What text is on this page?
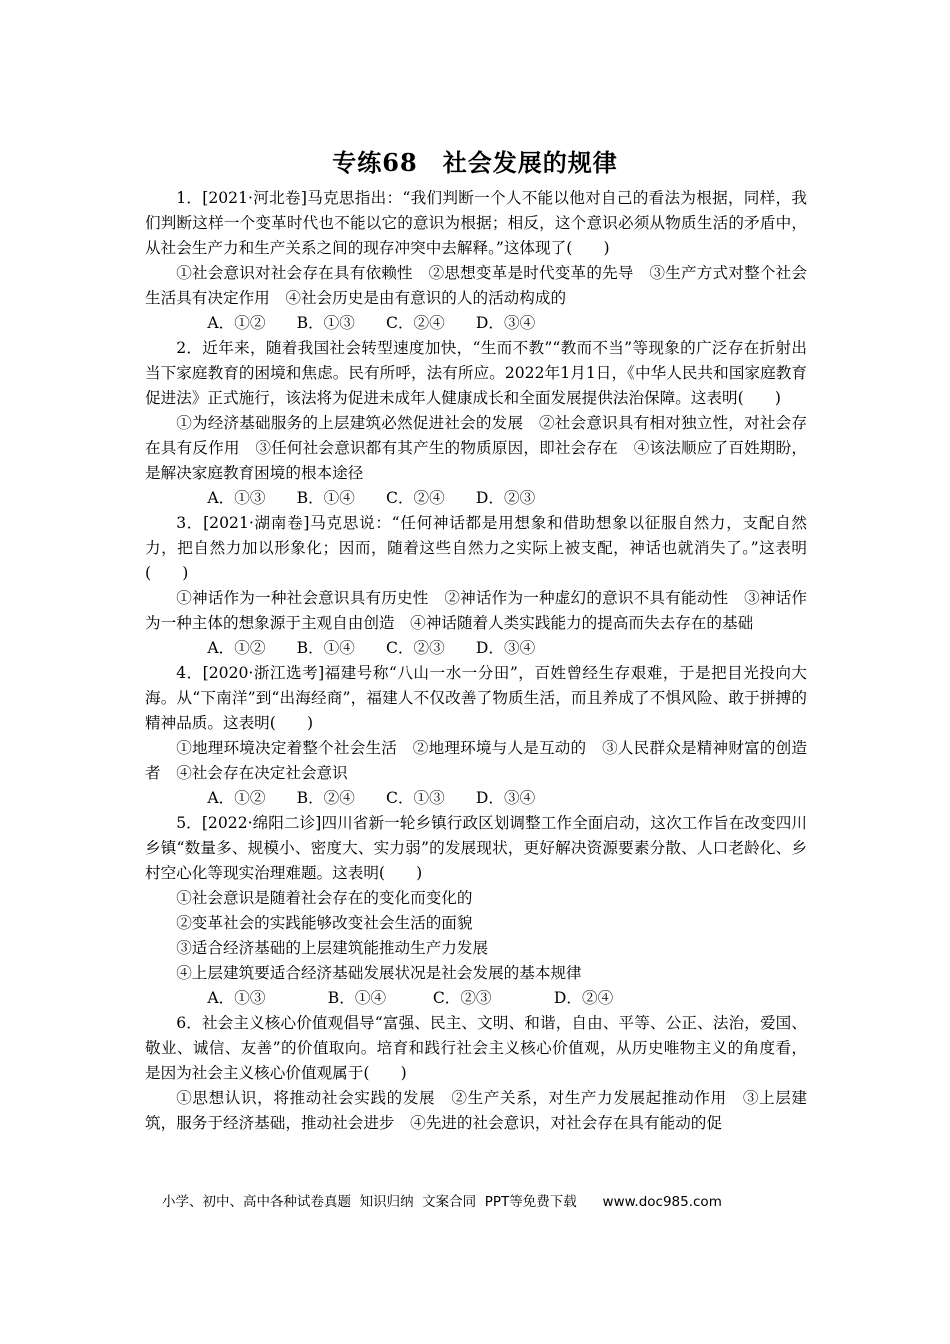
专练68　社会发展的规律

1．[2021·河北卷]马克思指出：“我们判断一个人不能以他对自己的看法为根据，同样，我们判断这样一个变革时代也不能以它的意识为根据；相反，这个意识必须从物质生活的矛盾中，从社会生产力和生产关系之间的现存冲突中去解释。”这体现了(　　)

①社会意识对社会存在具有依赖性　②思想变革是时代变革的先导　③生产方式对整个社会生活具有决定作用　④社会历史是由有意识的人的活动构成的

A．①②　　B．①③　　C．②④　　D．③④

2．近年来，随着我国社会转型速度加快，“生而不教”“教而不当”等现象的广泛存在折射出当下家庭教育的困境和焦虑。民有所呼，法有所应。2022年1月1日，《中华人民共和国家庭教育促进法》正式施行，该法将为促进未成年人健康成长和全面发展提供法治保障。这表明(　　)

①为经济基础服务的上层建筑必然促进社会的发展　②社会意识具有相对独立性，对社会存在具有反作用　③任何社会意识都有其产生的物质原因，即社会存在　④该法顺应了百姓期盼，是解决家庭教育困境的根本途径

A．①③　　B．①④　　C．②④　　D．②③

3．[2021·湖南卷]马克思说：“任何神话都是用想象和借助想象以征服自然力，支配自然力，把自然力加以形象化；因而，随着这些自然力之实际上被支配，神话也就消失了。”这表明(　　)

①神话作为一种社会意识具有历史性　②神话作为一种虚幻的意识不具有能动性　③神话作为一种主体的想象源于主观自由创造　④神话随着人类实践能力的提高而失去存在的基础

A．①②　　B．①④　　C．②③　　D．③④

4．[2020·浙江选考]福建号称“八山一水一分田”，百姓曾经生存艰难，于是把目光投向大海。从“下南洋”到“出海经商”，福建人不仅改善了物质生活，而且养成了不惧风险、敢于拼搏的精神品质。这表明(　　)

①地理环境决定着整个社会生活　②地理环境与人是互动的　③人民群众是精神财富的创造者　④社会存在决定社会意识

A．①②　　B．②④　　C．①③　　D．③④

5．[2022·绵阳二诊]四川省新一轮乡镇行政区划调整工作全面启动，这次工作旨在改变四川乡镇“数量多、规模小、密度大、实力弱”的发展现状，更好解决资源要素分散、人口老龄化、乡村空心化等现实治理难题。这表明(　　)

①社会意识是随着社会存在的变化而变化的

②变革社会的实践能够改变社会生活的面貌

③适合经济基础的上层建筑能推动生产力发展

④上层建筑要适合经济基础发展状况是社会发展的基本规律

A．①③　　　　B．①④　　　C．②③　　　　D．②④

6．社会主义核心价值观倡导“富强、民主、文明、和谐，自由、平等、公正、法治，爱国、敬业、诚信、友善”的价值取向。培育和践行社会主义核心价值观，从历史唯物主义的角度看，是因为社会主义核心价值观属于(　　)

①思想认识，将推动社会实践的发展　②生产关系，对生产力发展起推动作用　③上层建筑，服务于经济基础，推动社会进步　④先进的社会意识，对社会存在具有能动的促

小学、初中、高中各种试卷真题  知识归纳  文案合同  PPT等免费下载      www.doc985.com
